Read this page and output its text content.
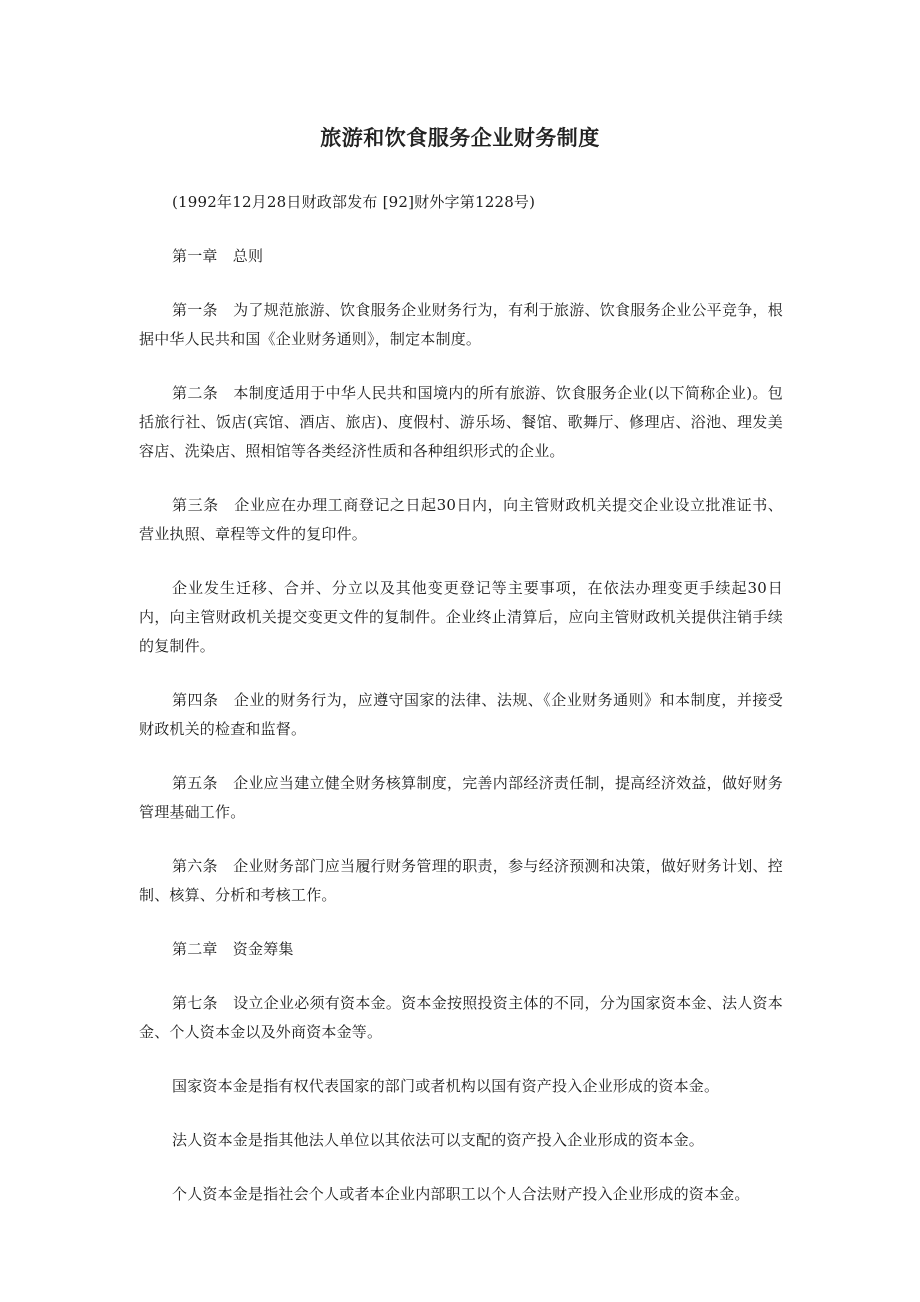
旅游和饮食服务企业财务制度

(1992年12月28日财政部发布 [92]财外字第1228号)

第一章　总则

第一条　为了规范旅游、饮食服务企业财务行为，有利于旅游、饮食服务企业公平竞争，根据中华人民共和国《企业财务通则》，制定本制度。

第二条　本制度适用于中华人民共和国境内的所有旅游、饮食服务企业(以下简称企业)。包括旅行社、饭店(宾馆、酒店、旅店)、度假村、游乐场、餐馆、歌舞厅、修理店、浴池、理发美容店、洗染店、照相馆等各类经济性质和各种组织形式的企业。

第三条　企业应在办理工商登记之日起30日内，向主管财政机关提交企业设立批准证书、营业执照、章程等文件的复印件。

企业发生迁移、合并、分立以及其他变更登记等主要事项，在依法办理变更手续起30日内，向主管财政机关提交变更文件的复制件。企业终止清算后，应向主管财政机关提供注销手续的复制件。

第四条　企业的财务行为，应遵守国家的法律、法规、《企业财务通则》和本制度，并接受财政机关的检查和监督。

第五条　企业应当建立健全财务核算制度，完善内部经济责任制，提高经济效益，做好财务管理基础工作。

第六条　企业财务部门应当履行财务管理的职责，参与经济预测和决策，做好财务计划、控制、核算、分析和考核工作。

第二章　资金筹集

第七条　设立企业必须有资本金。资本金按照投资主体的不同，分为国家资本金、法人资本金、个人资本金以及外商资本金等。

国家资本金是指有权代表国家的部门或者机构以国有资产投入企业形成的资本金。

法人资本金是指其他法人单位以其依法可以支配的资产投入企业形成的资本金。

个人资本金是指社会个人或者本企业内部职工以个人合法财产投入企业形成的资本金。
